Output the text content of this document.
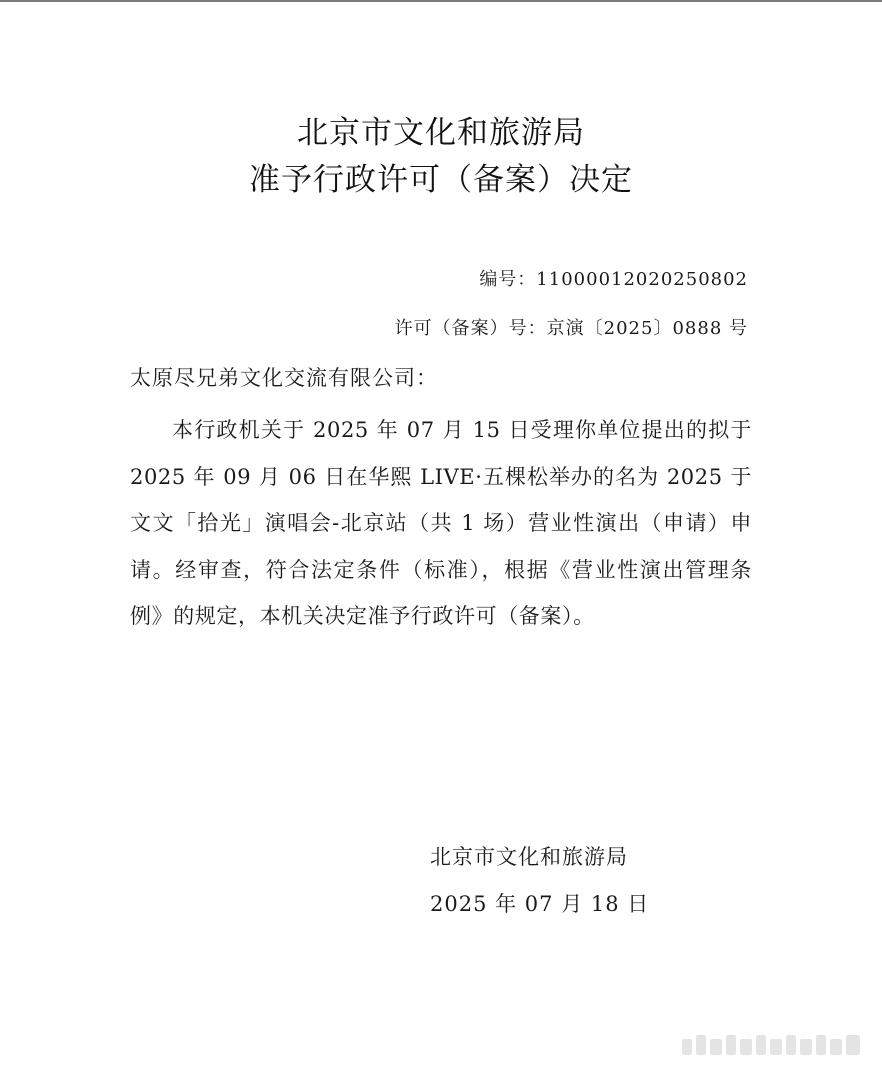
北京市文化和旅游局
准予行政许可（备案）决定
编号：11000012020250802
许可（备案）号：京演〔2025〕0888 号
太原尽兄弟文化交流有限公司：
本行政机关于 2025 年 07 月 15 日受理你单位提出的拟于 2025 年 09 月 06 日在华熙 LIVE·五棵松举办的名为 2025 于文文「拾光」演唱会-北京站（共 1 场）营业性演出（申请）申请。经审查，符合法定条件（标准），根据《营业性演出管理条例》的规定，本机关决定准予行政许可（备案）。
北京市文化和旅游局
2025 年 07 月 18 日
